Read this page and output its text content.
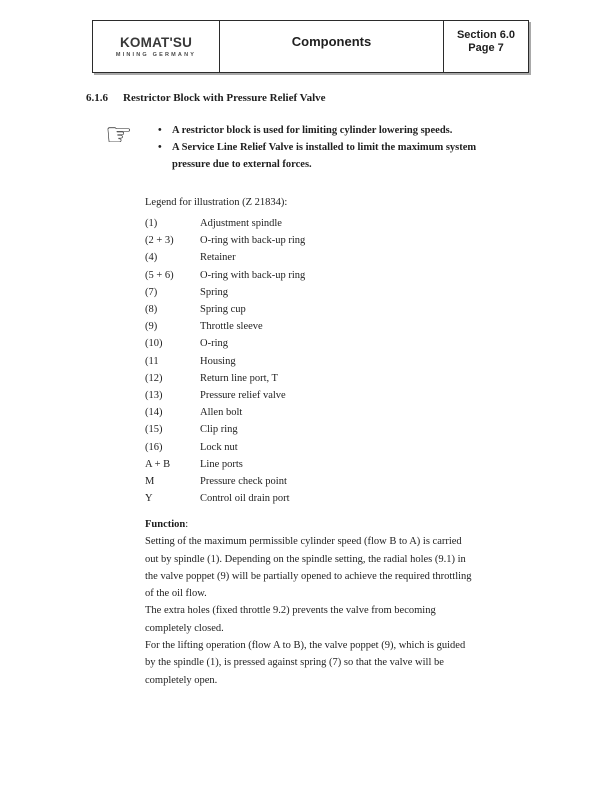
KOMAT'SU
MINING GERMANY
Components	Section 6.0
Page 7
6.1.6 Restrictor Block with Pressure Relief Valve
☞ • A restrictor block is used for limiting cylinder lowering speeds.
• A Service Line Relief Valve is installed to limit the maximum system
pressure due to external forces.
Legend for illustration (Z 21834):
(1)	Adjustment spindle
(2 + 3)	O-ring with back-up ring
(4)	Retainer
(5 + 6)	O-ring with back-up ring
(7)	Spring
(8)	Spring cup
(9)	Throttle sleeve
(10)	O-ring
(11	Housing
(12)	Return line port, T
(13)	Pressure relief valve
(14)	Allen bolt
(15)	Clip ring
(16)	Lock nut
A + B	Line ports
M	Pressure check point
Y	Control oil drain port
Function:
Setting of the maximum permissible cylinder speed (flow B to A) is carried
out by spindle (1). Depending on the spindle setting, the radial holes (9.1) in
the valve poppet (9) will be partially opened to achieve the required throttling
of the oil flow.
The extra holes (fixed throttle 9.2) prevents the valve from becoming
completely closed.
For the lifting operation (flow A to B), the valve poppet (9), which is guided
by the spindle (1), is pressed against spring (7) so that the valve will be
completely open.
